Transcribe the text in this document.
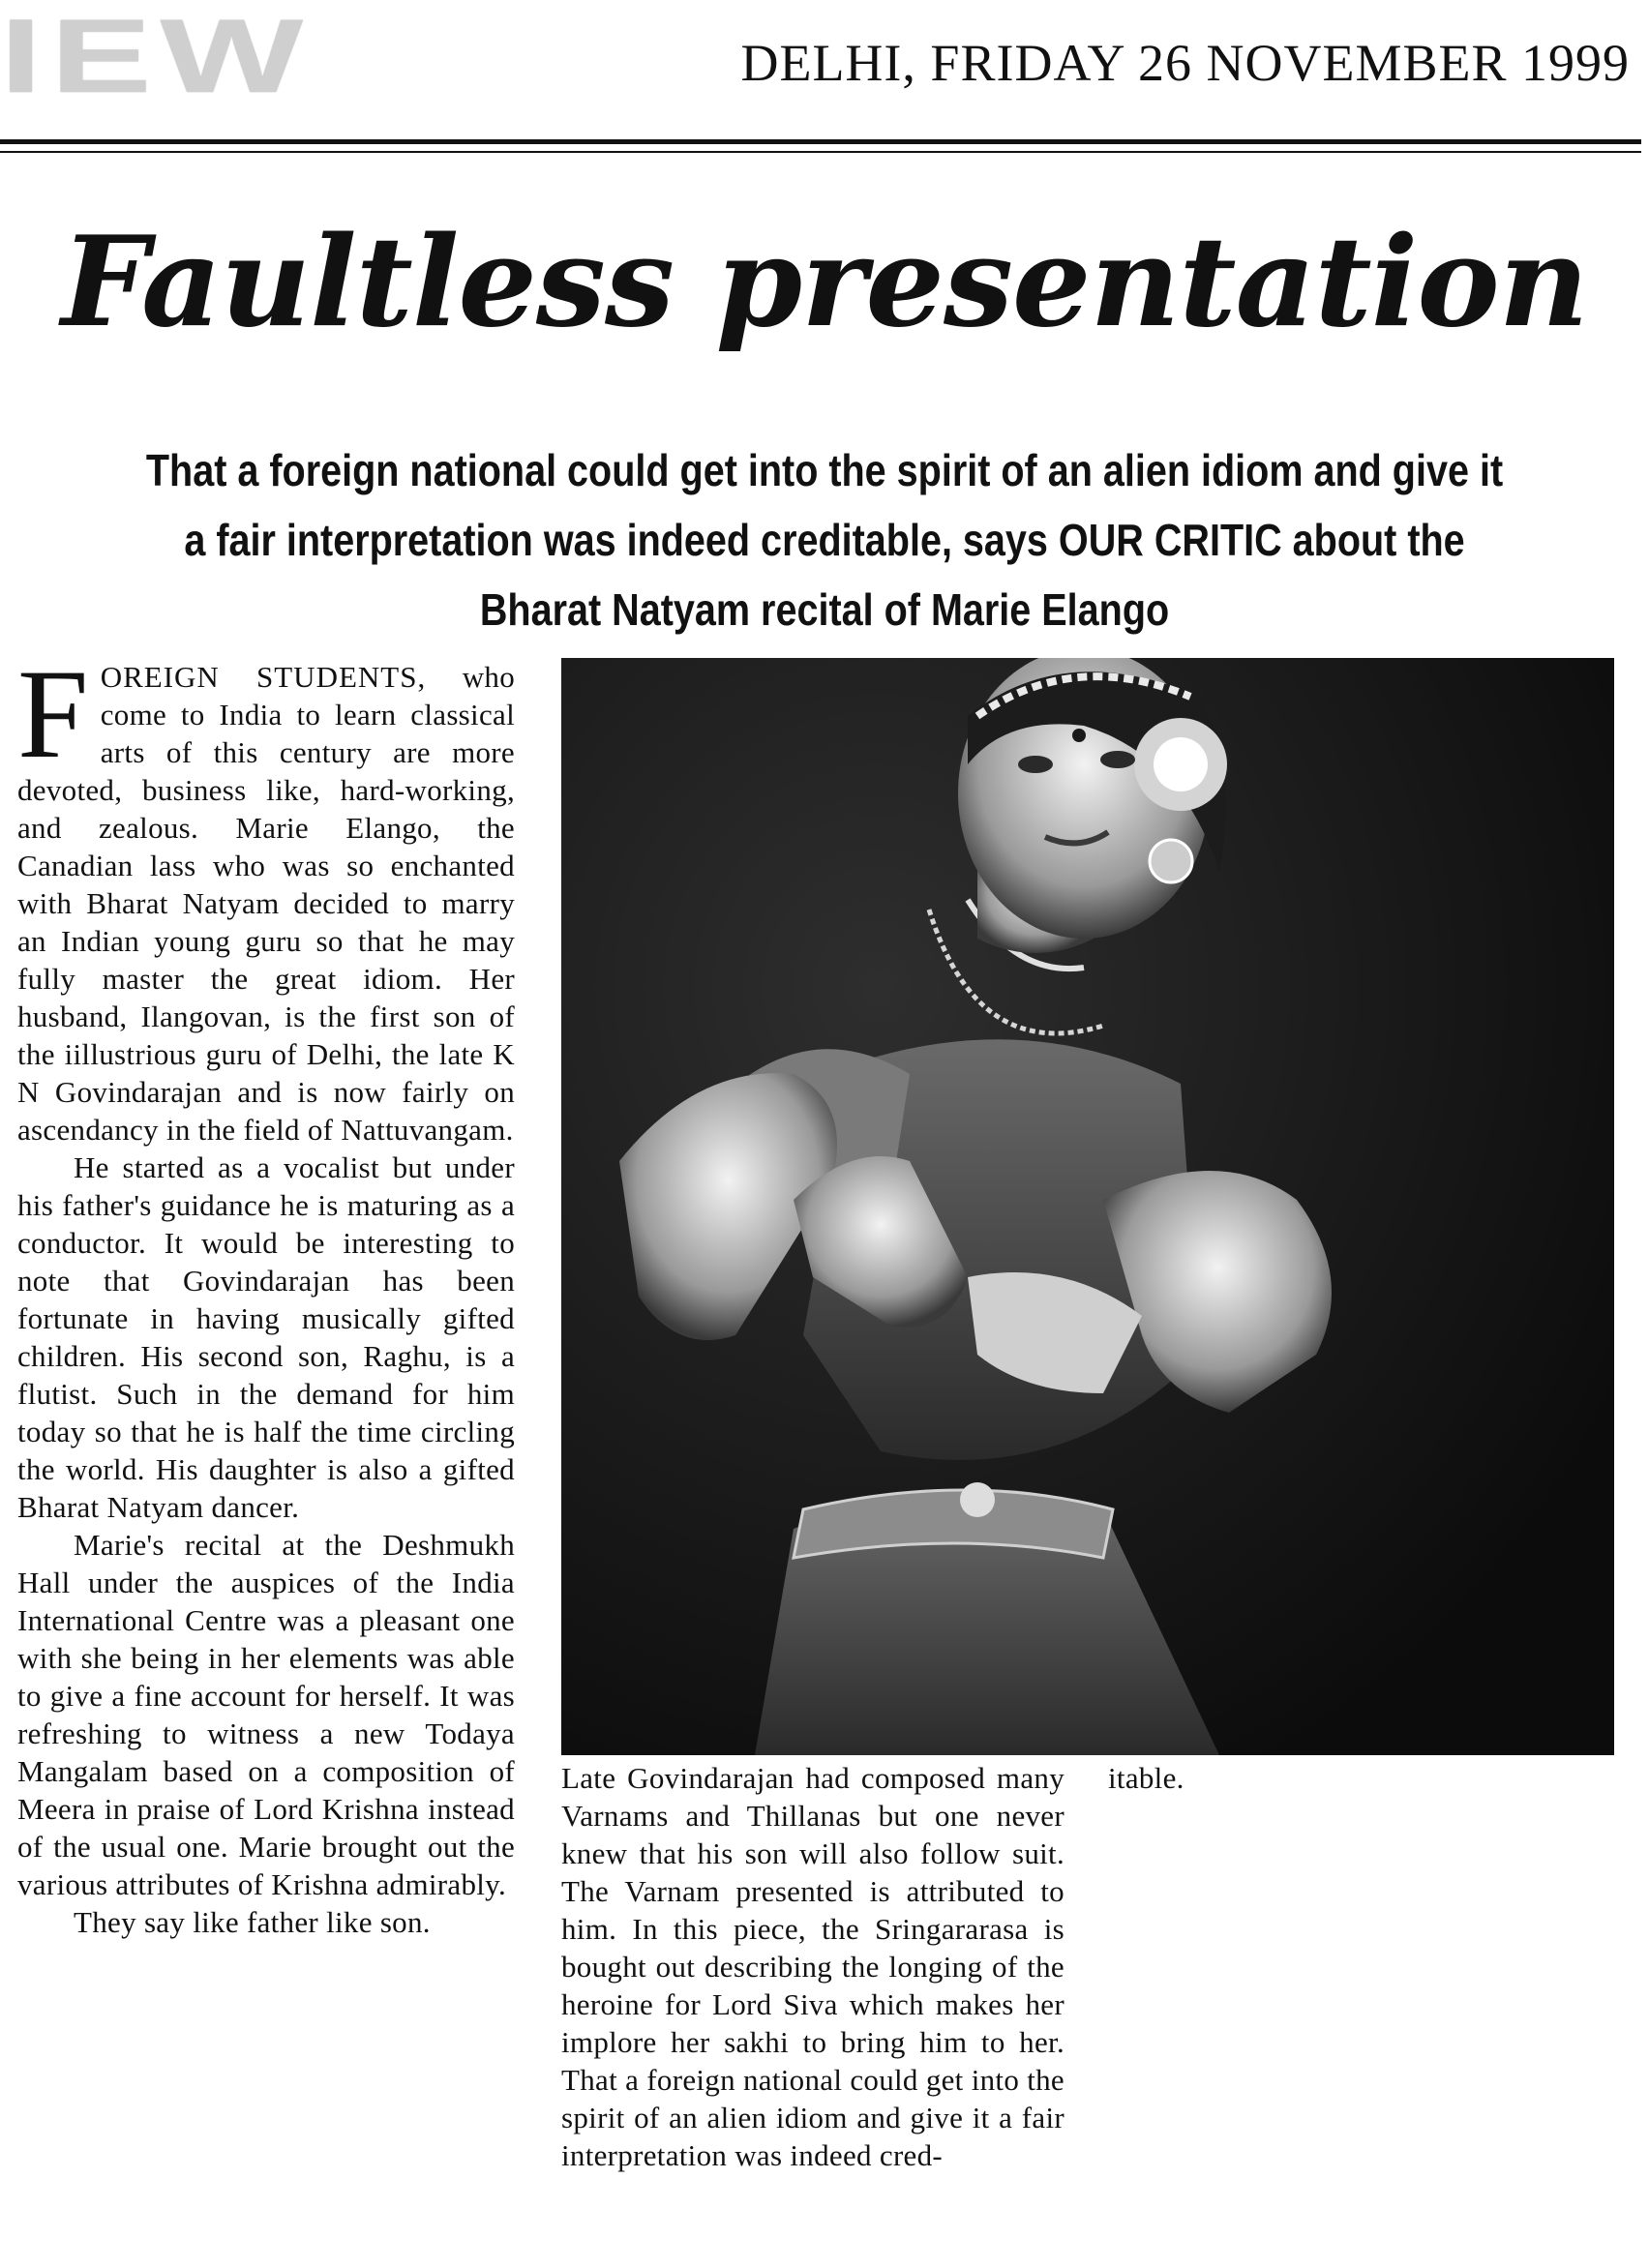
IEW	DELHI, FRIDAY 26 NOVEMBER 1999
Faultless presentation
That a foreign national could get into the spirit of an alien idiom and give it a fair interpretation was indeed creditable, says OUR CRITIC about the Bharat Natyam recital of Marie Elango

FOREIGN STUDENTS, who come to India to learn classical arts of this century are more devoted, business like, hard-working, and zealous. Marie Elango, the Canadian lass who was so enchanted with Bharat Natyam decided to marry an Indian young guru so that he may fully master the great idiom. Her husband, Ilangovan, is the first son of the iillustrious guru of Delhi, the late K N Govindarajan and is now fairly on ascendancy in the field of Nattuvangam.

He started as a vocalist but under his father's guidance he is maturing as a conductor. It would be interesting to note that Govindarajan has been fortunate in having musically gifted children. His second son, Raghu, is a flutist. Such in the demand for him today so that he is half the time circling the world. His daughter is also a gifted Bharat Natyam dancer.

Marie's recital at the Deshmukh Hall under the auspices of the India International Centre was a pleasant one with she being in her elements was able to give a fine account for herself. It was refreshing to witness a new Todaya Mangalam based on a composition of Meera in praise of Lord Krishna instead of the usual one. Marie brought out the various attributes of Krishna admirably.

They say like father like son.

Late Govindarajan had composed many Varnams and Thillanas but one never knew that his son will also follow suit. The Varnam presented is attributed to him. In this piece, the Sringararasa is bought out describing the longing of the heroine for Lord Siva which makes her implore her sakhi to bring him to her. That a foreign national could get into the spirit of an alien idiom and give it a fair interpretation was indeed cred-

itable.
